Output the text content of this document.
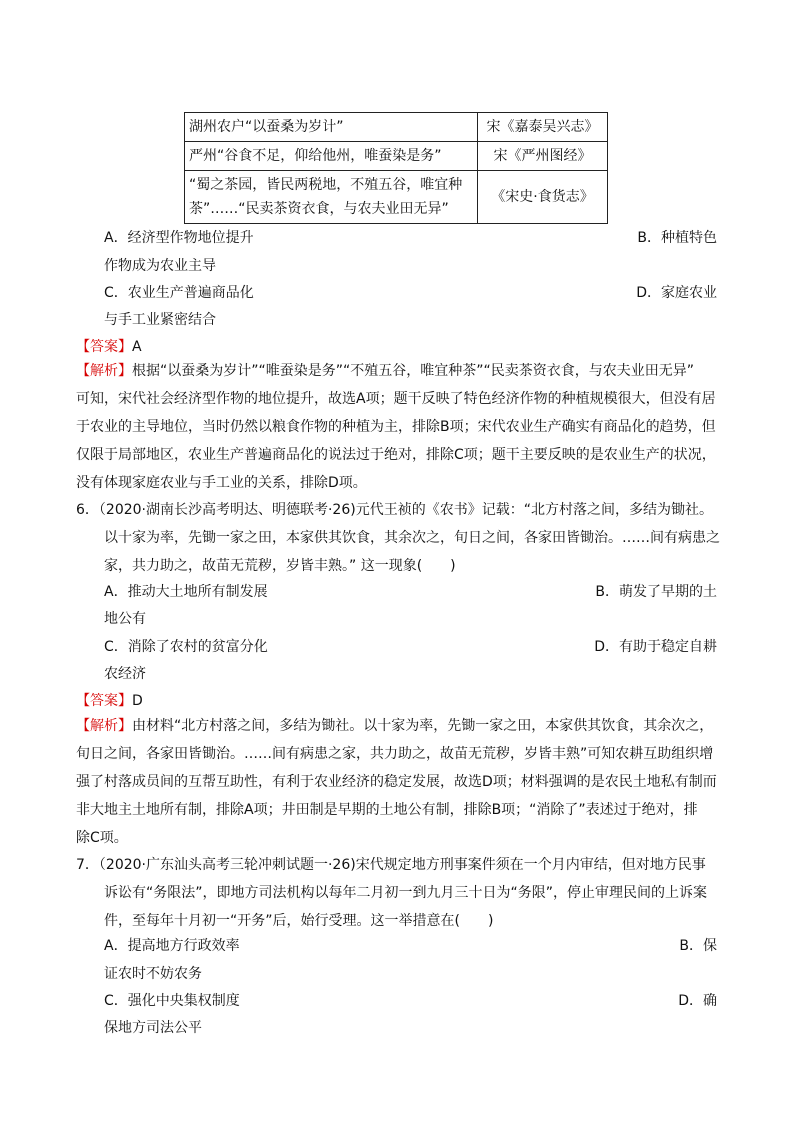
湖州农户“以蚕桑为岁计”	宋《嘉泰吴兴志》
严州“谷食不足，仰给他州，唯蚕染是务”	宋《严州图经》

“蜀之茶园，皆民两税地，不殖五谷，唯宜种
茶”……“民卖茶资衣食，与农夫业田无异”	《宋史·食货志》
A．经济型作物地位提升	B．种植特色
作物成为农业主导
C．农业生产普遍商品化	D．家庭农业
与手工业紧密结合
【答案】A
【解析】根据“以蚕桑为岁计”“唯蚕染是务”“不殖五谷，唯宜种茶”“民卖茶资衣食，与农夫业田无异”
可知，宋代社会经济型作物的地位提升，故选A项；题干反映了特色经济作物的种植规模很大，但没有居
于农业的主导地位，当时仍然以粮食作物的种植为主，排除B项；宋代农业生产确实有商品化的趋势，但
仅限于局部地区，农业生产普遍商品化的说法过于绝对，排除C项；题干主要反映的是农业生产的状况，
没有体现家庭农业与手工业的关系，排除D项。
6．（2020·湖南长沙高考明达、明德联考·26)元代王祯的《农书》记载：“北方村落之间，多结为锄社。
以十家为率，先锄一家之田，本家供其饮食，其余次之，旬日之间，各家田皆锄治。……间有病患之
家，共力助之，故苗无荒秽，岁皆丰熟。” 这一现象(　　)
A．推动大土地所有制发展	B．萌发了早期的土
地公有
C．消除了农村的贫富分化	D．有助于稳定自耕
农经济
【答案】D
【解析】由材料“北方村落之间，多结为锄社。以十家为率，先锄一家之田，本家供其饮食，其余次之，
旬日之间，各家田皆锄治。……间有病患之家，共力助之，故苗无荒秽，岁皆丰熟”可知农耕互助组织增
强了村落成员间的互帮互助性，有利于农业经济的稳定发展，故选D项；材料强调的是农民土地私有制而
非大地主土地所有制，排除A项；井田制是早期的土地公有制，排除B项；“消除了”表述过于绝对，排
除C项。
7．（2020·广东汕头高考三轮冲刺试题一·26)宋代规定地方刑事案件须在一个月内审结，但对地方民事
诉讼有“务限法”，即地方司法机构以每年二月初一到九月三十日为“务限”，停止审理民间的上诉案
件，至每年十月初一“开务”后，始行受理。这一举措意在(　　)
A．提高地方行政效率	B．保
证农时不妨农务
C．强化中央集权制度	D．确
保地方司法公平
